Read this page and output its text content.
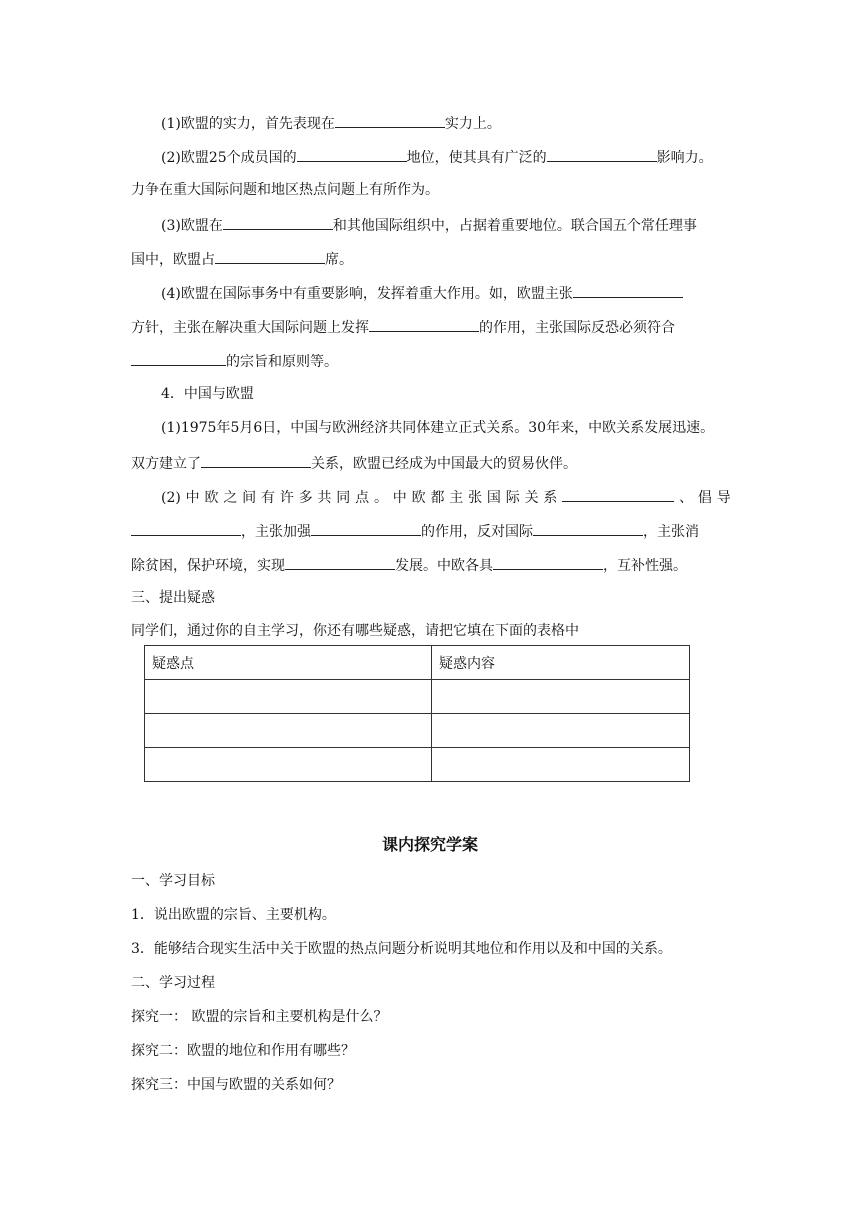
(1)欧盟的实力，首先表现在	实力上。
(2)欧盟25个成员国的	地位，使其具有广泛的	影响力。
力争在重大国际问题和地区热点问题上有所作为。
(3)欧盟在	和其他国际组织中，占据着重要地位。联合国五个常任理事
国中，欧盟占	席。
(4)欧盟在国际事务中有重要影响，发挥着重大作用。如，欧盟主张
方针，主张在解决重大国际问题上发挥	的作用，主张国际反恐必须符合
的宗旨和原则等。
4．中国与欧盟
(1)1975年5月6日，中国与欧洲经济共同体建立正式关系。30年来，中欧关系发展迅速。
双方建立了	关系，欧盟已经成为中国最大的贸易伙伴。
(2) 中 欧 之 间 有 许 多 共 同 点 。 中 欧 都 主 张 国 际 关 系	、 倡 导
，主张加强	的作用，反对国际	，主张消
除贫困，保护环境，实现	发展。中欧各具	，互补性强。
三、提出疑惑
同学们，通过你的自主学习，你还有哪些疑惑，请把它填在下面的表格中
疑惑点	疑惑内容

课内探究学案
一、学习目标
1．说出欧盟的宗旨、主要机构。
3．能够结合现实生活中关于欧盟的热点问题分析说明其地位和作用以及和中国的关系。
二、学习过程
探究一： 欧盟的宗旨和主要机构是什么？
探究二：欧盟的地位和作用有哪些？
探究三：中国与欧盟的关系如何？
